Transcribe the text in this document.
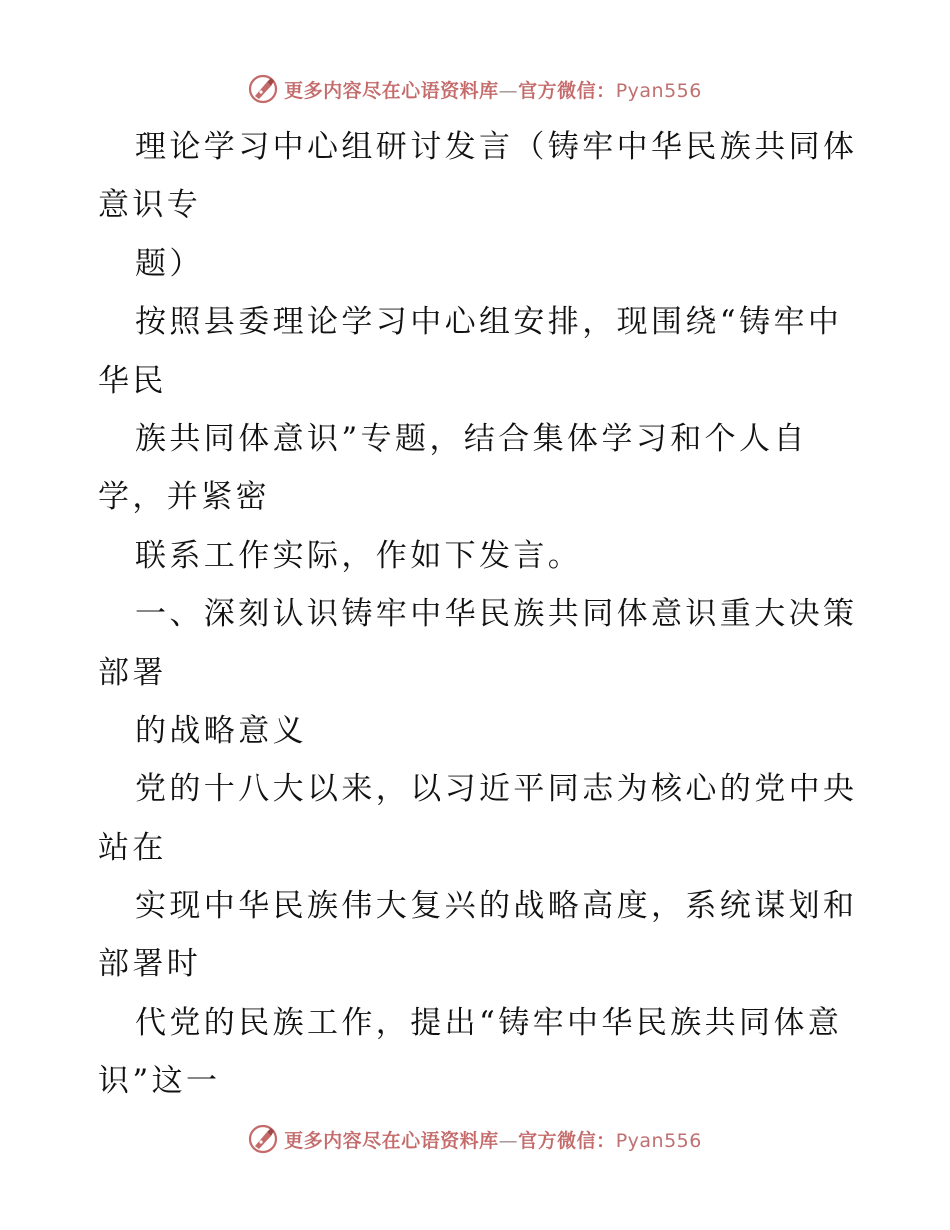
更多内容尽在心语资料库—官方微信：Pyan556
理论学习中心组研讨发言（铸牢中华民族共同体
意识专
题）
按照县委理论学习中心组安排，现围绕“铸牢中
华民
族共同体意识”专题，结合集体学习和个人自
学，并紧密
联系工作实际，作如下发言。
一、深刻认识铸牢中华民族共同体意识重大决策
部署
的战略意义
党的十八大以来，以习近平同志为核心的党中央
站在
实现中华民族伟大复兴的战略高度，系统谋划和
部署时
代党的民族工作，提出“铸牢中华民族共同体意
识”这一
更多内容尽在心语资料库—官方微信：Pyan556
